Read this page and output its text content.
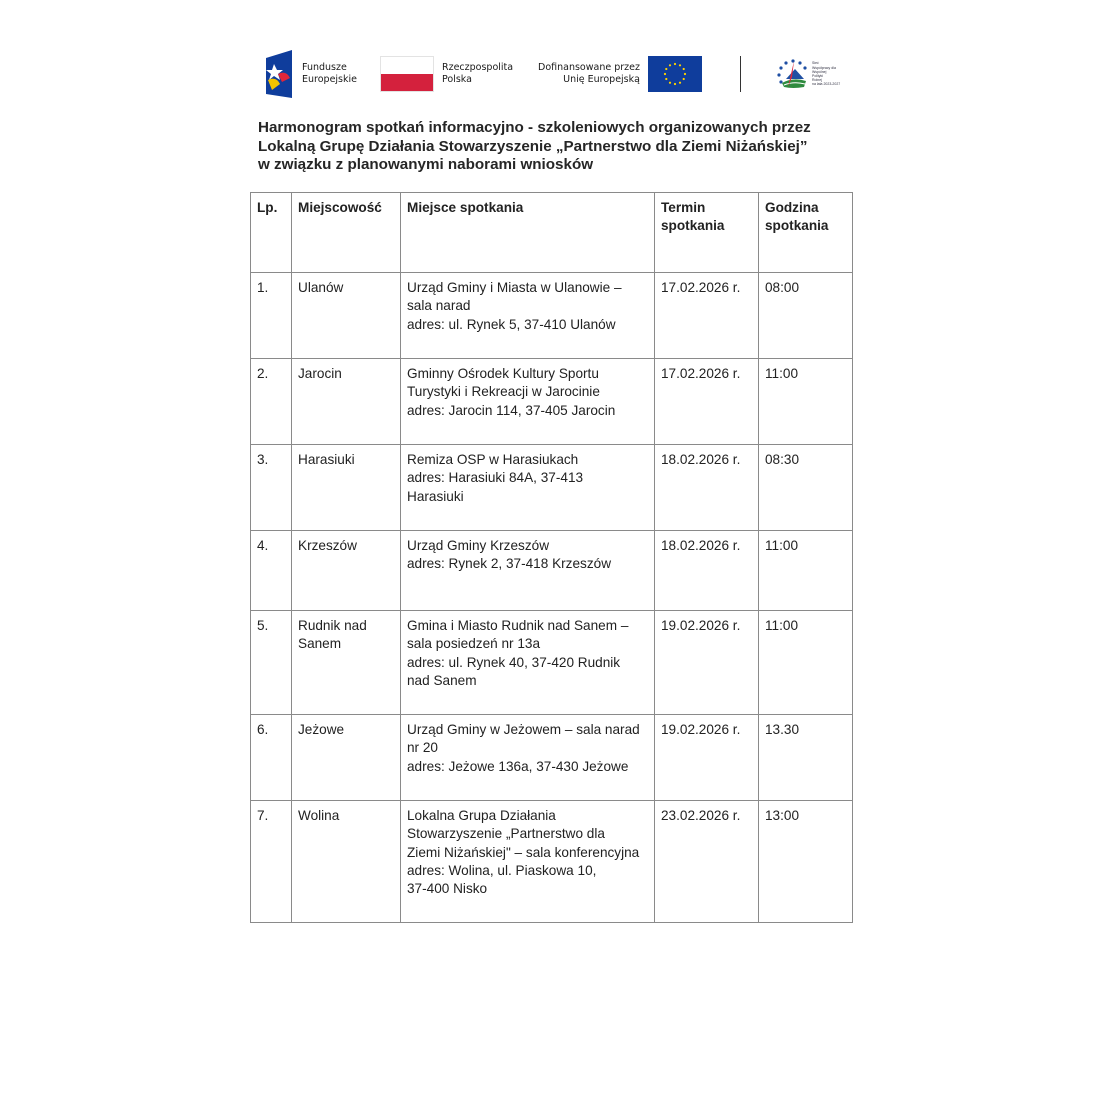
Fundusze
Europejskie
Rzeczpospolita
Polska
Dofinansowane przez
Unię Europejską
Sieć
Współpracy dla
Wspólnej
Polityki
Rolnej
na lata 2023-2027
Harmonogram spotkań informacyjno - szkoleniowych organizowanych przez
Lokalną Grupę Działania Stowarzyszenie „Partnerstwo dla Ziemi Niżańskiej”
w związku z planowanymi naborami wniosków
Lp.	Miejscowość	Miejsce spotkania	Termin
spotkania	Godzina
spotkania

1.	Ulanów	Urząd Gminy i Miasta w Ulanowie –
sala narad
adres: ul. Rynek 5, 37-410 Ulanów	17.02.2026 r.	08:00
2.	Jarocin	Gminny Ośrodek Kultury Sportu
Turystyki i Rekreacji w Jarocinie
adres: Jarocin 114, 37-405 Jarocin	17.02.2026 r.	11:00
3.	Harasiuki	Remiza OSP w Harasiukach
adres: Harasiuki 84A, 37-413
Harasiuki	18.02.2026 r.	08:30
4.	Krzeszów	Urząd Gminy Krzeszów
adres: Rynek 2, 37-418 Krzeszów	18.02.2026 r.	11:00
5.	Rudnik nad
Sanem	Gmina i Miasto Rudnik nad Sanem –
sala posiedzeń nr 13a
adres: ul. Rynek 40, 37-420 Rudnik
nad Sanem	19.02.2026 r.	11:00
6.	Jeżowe	Urząd Gminy w Jeżowem – sala narad
nr 20
adres: Jeżowe 136a, 37-430 Jeżowe	19.02.2026 r.	13.30
7.	Wolina	Lokalna Grupa Działania
Stowarzyszenie „Partnerstwo dla
Ziemi Niżańskiej" – sala konferencyjna
adres: Wolina, ul. Piaskowa 10,
37-400 Nisko	23.02.2026 r.	13:00
